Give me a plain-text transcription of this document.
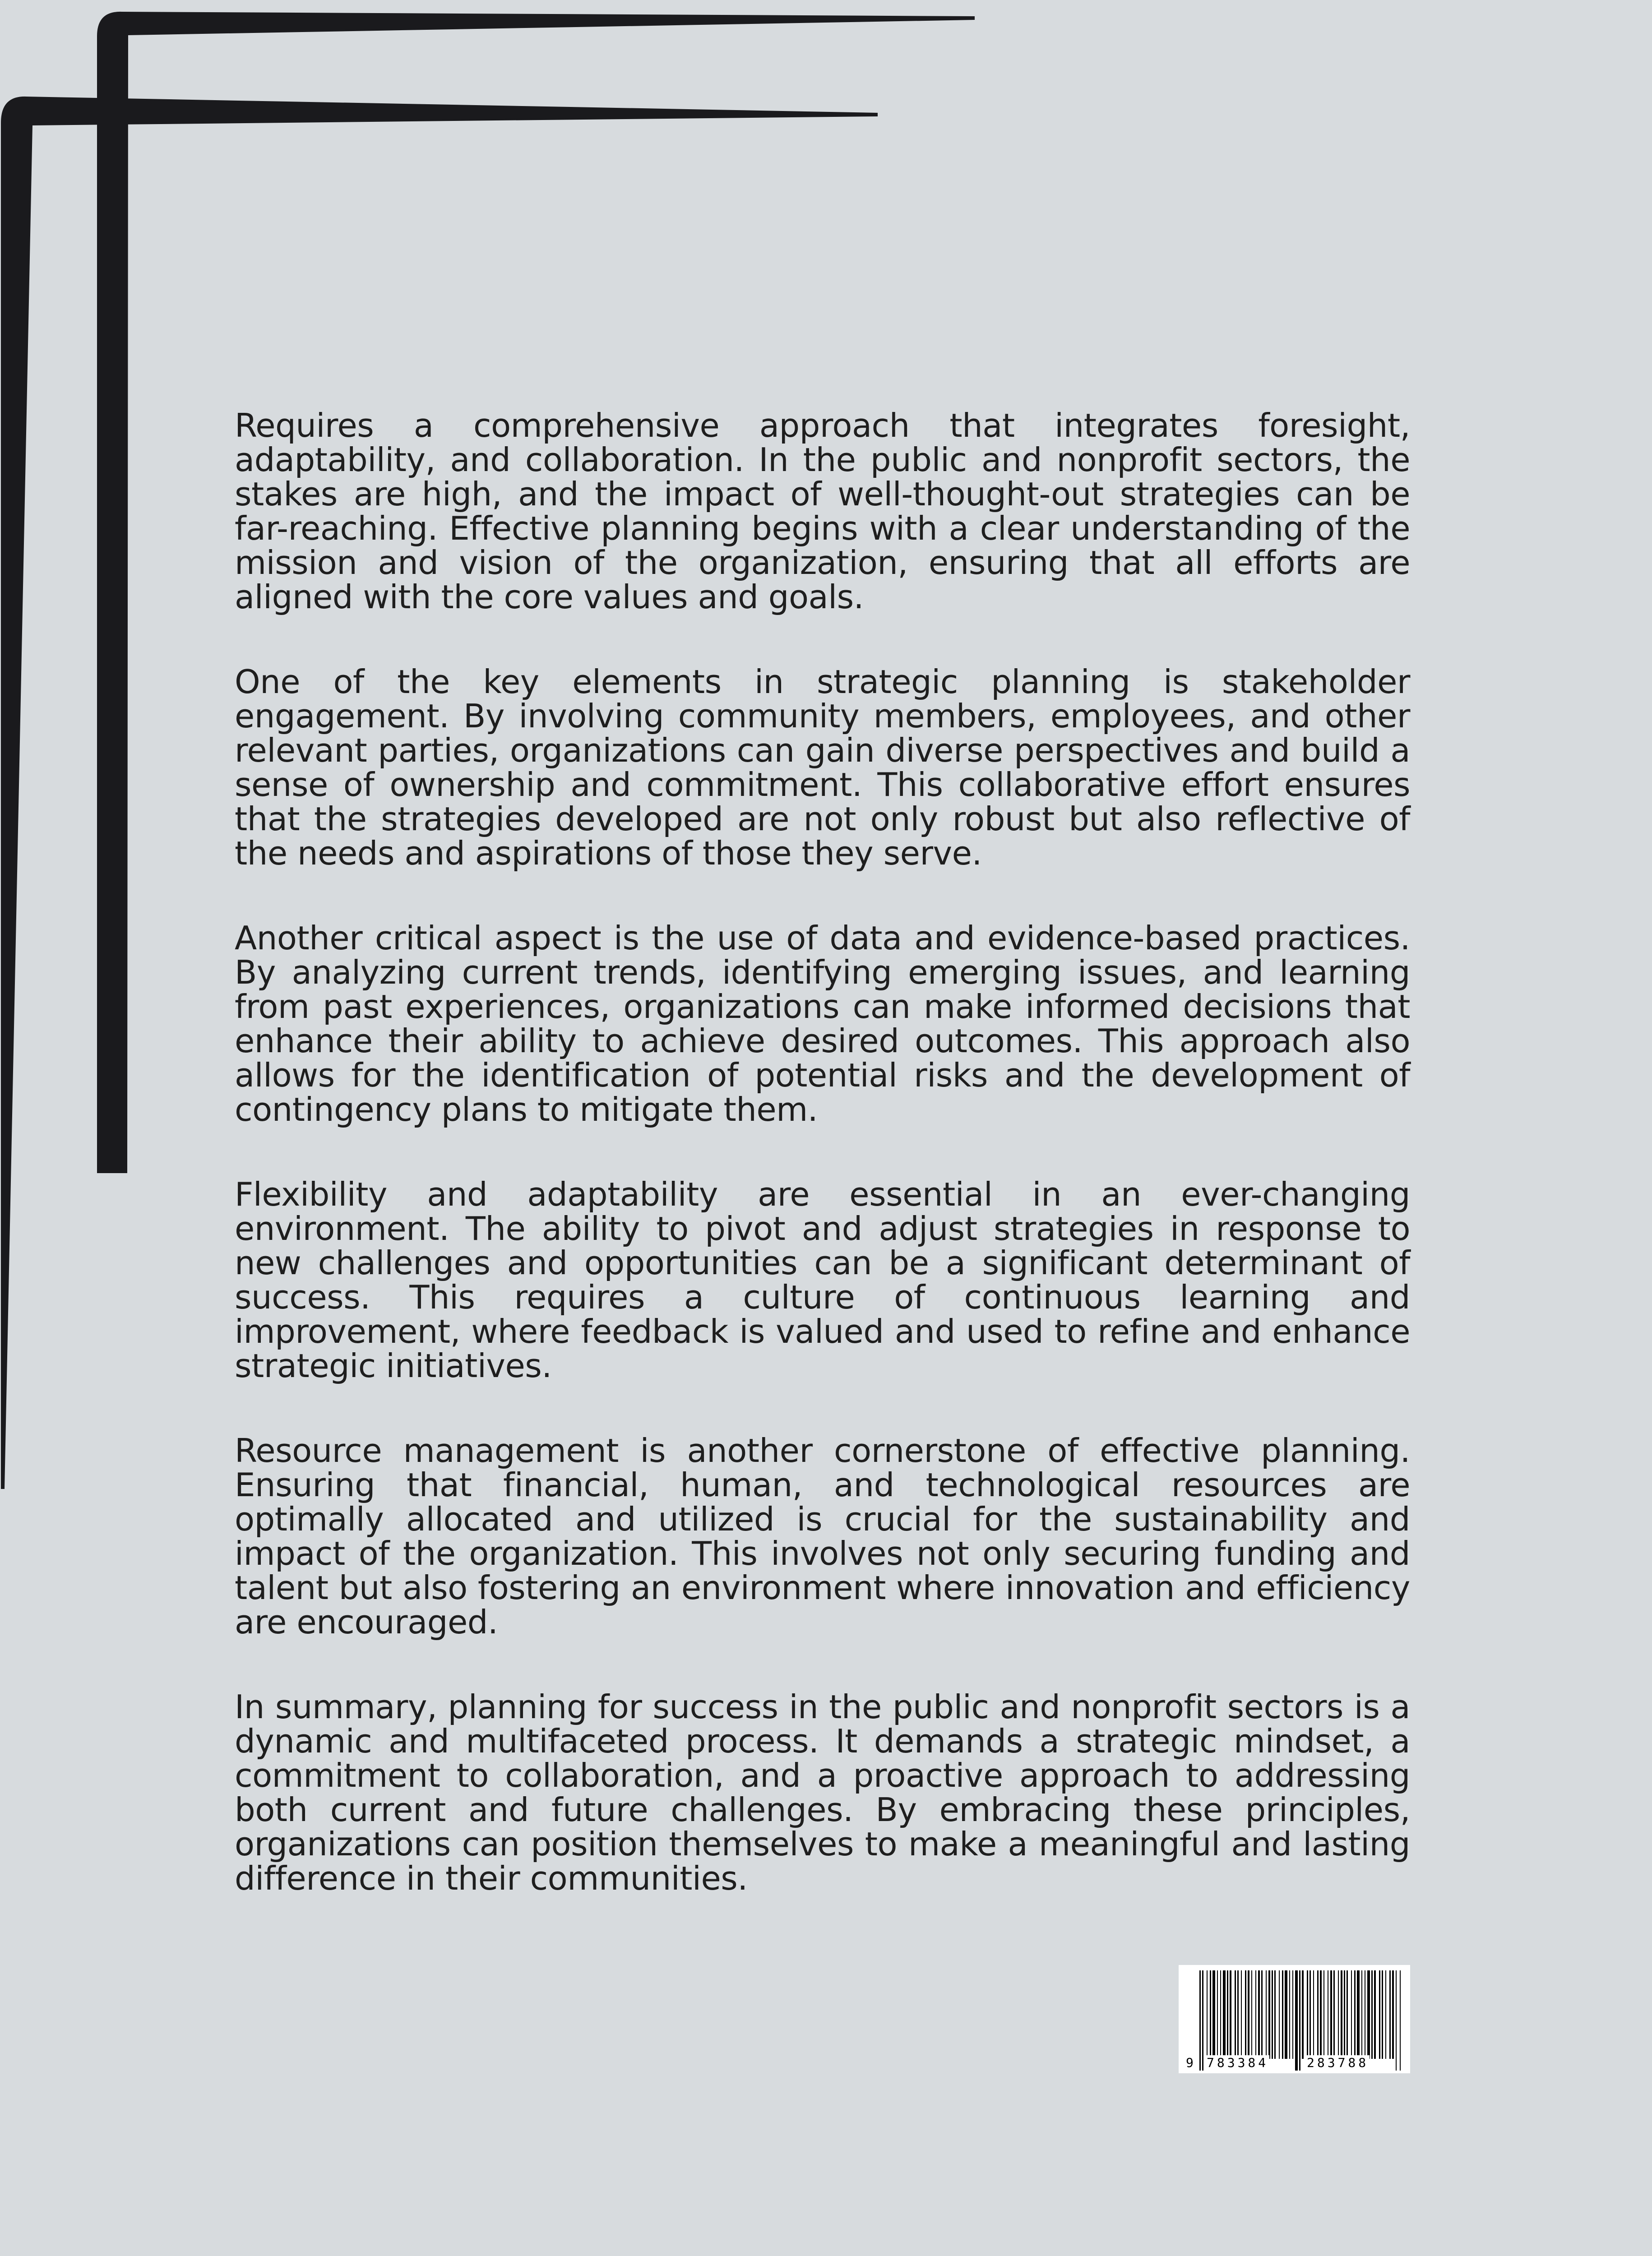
Requires a comprehensive approach that integrates foresight, adaptability, and collaboration. In the public and nonprofit sectors, the stakes are high, and the impact of well-thought-out strategies can be far-reaching. Effective planning begins with a clear understanding of the mission and vision of the organization, ensuring that all efforts are aligned with the core values and goals.

One of the key elements in strategic planning is stakeholder engagement. By involving community members, employees, and other relevant parties, organizations can gain diverse perspectives and build a sense of ownership and commitment. This collaborative effort ensures that the strategies developed are not only robust but also reflective of the needs and aspirations of those they serve.

Another critical aspect is the use of data and evidence-based practices. By analyzing current trends, identifying emerging issues, and learning from past experiences, organizations can make informed decisions that enhance their ability to achieve desired outcomes. This approach also allows for the identification of potential risks and the development of contingency plans to mitigate them.

Flexibility and adaptability are essential in an ever-changing environment. The ability to pivot and adjust strategies in response to new challenges and opportunities can be a significant determinant of success. This requires a culture of continuous learning and improvement, where feedback is valued and used to refine and enhance strategic initiatives.

Resource management is another cornerstone of effective planning. Ensuring that financial, human, and technological resources are optimally allocated and utilized is crucial for the sustainability and impact of the organization. This involves not only securing funding and talent but also fostering an environment where innovation and efficiency are encouraged.

In summary, planning for success in the public and nonprofit sectors is a dynamic and multifaceted process. It demands a strategic mindset, a commitment to collaboration, and a proactive approach to addressing both current and future challenges. By embracing these principles, organizations can position themselves to make a meaningful and lasting difference in their communities.

9 783384	283788
